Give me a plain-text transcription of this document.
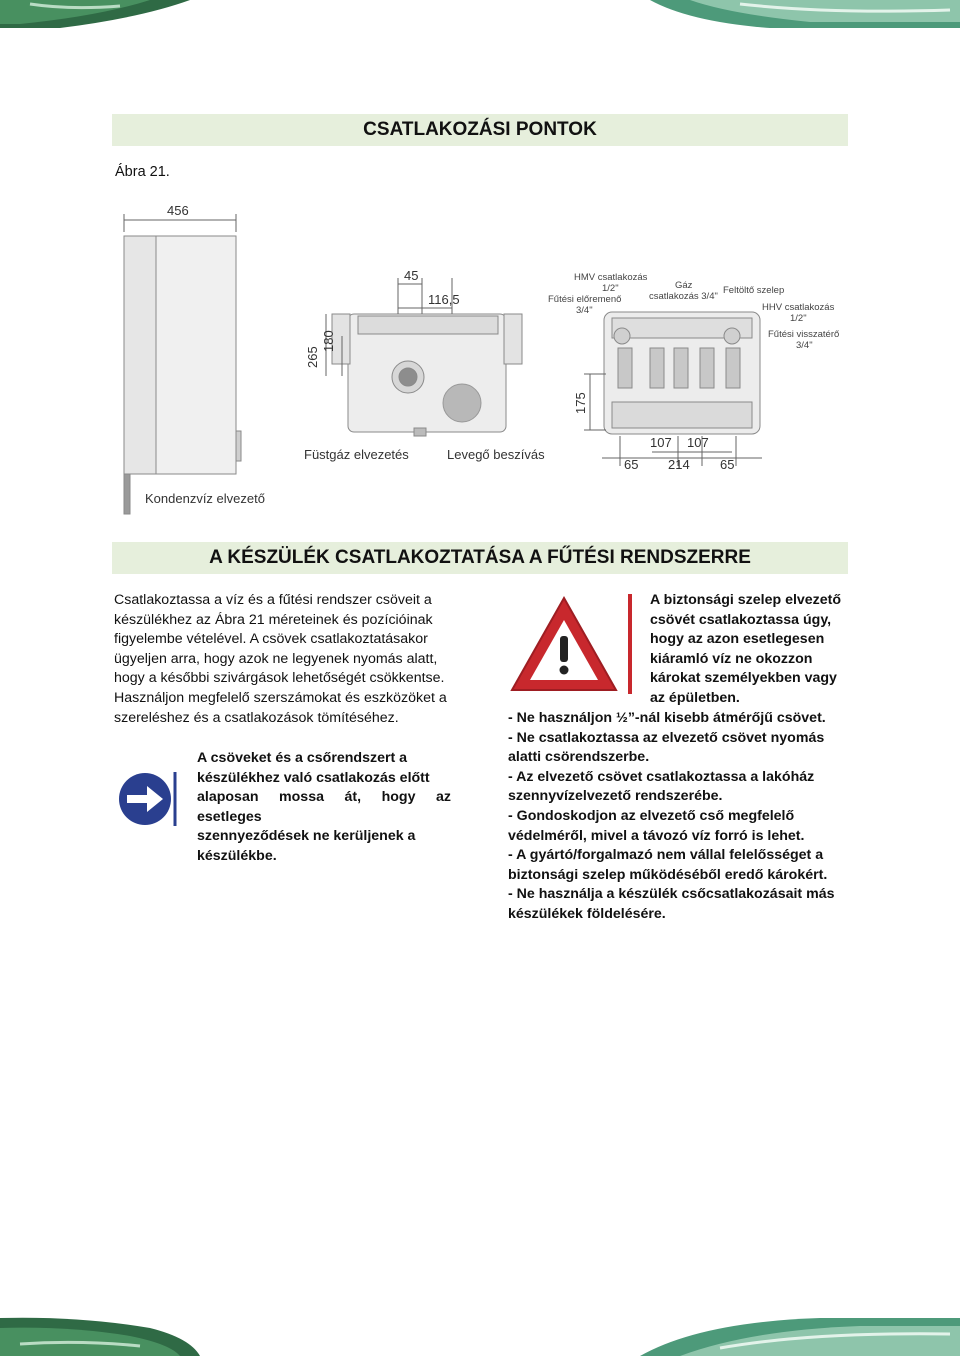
CSATLAKOZÁSI PONTOK
Ábra 21.
456
45
116,5
265
180
Füstgáz elvezetés	Levegő beszívás
Kondenzvíz elvezető
175
107 107
65 214 65
HMV csatlakozás
1/2"
Fűtési előremenő
3/4"
Gáz
csatlakozás 3/4"
Feltöltő szelep
HHV csatlakozás
1/2"
Fűtési visszatérő
3/4"
A KÉSZÜLÉK CSATLAKOZTATÁSA A FŰTÉSI RENDSZERRE
Csatlakoztassa a víz és a fűtési rendszer csöveit a
készülékhez az Ábra 21 méreteinek és pozícióinak
figyelembe vételével. A csövek csatlakoztatásakor
ügyeljen arra, hogy azok ne legyenek nyomás alatt,
hogy a későbbi szivárgások lehetőségét csökkentse.
Használjon megfelelő szerszámokat és eszközöket a
szereléshez és a csatlakozások tömítéséhez.
A csöveket és a csőrendszert a
készülékhez való csatlakozás előtt
alaposan mossa át, hogy az esetleges
szennyeződések ne kerüljenek a
készülékbe.
A biztonsági szelep elvezető
csövét csatlakoztassa úgy,
hogy az azon esetlegesen
kiáramló víz ne okozzon
károkat személyekben vagy
az épületben.
- Ne használjon ½”-nál kisebb átmérőjű csövet.
- Ne csatlakoztassa az elvezető csövet nyomás
alatti csörendszerbe.
- Az elvezető csövet csatlakoztassa a lakóház
szennyvízelvezető rendszerébe.
- Gondoskodjon az elvezető cső megfelelő
védelméről, mivel a távozó víz forró is lehet.
- A gyártó/forgalmazó nem vállal felelősséget a
biztonsági szelep működéséből eredő károkért.
- Ne használja a készülék csőcsatlakozásait más
készülékek földelésére.
